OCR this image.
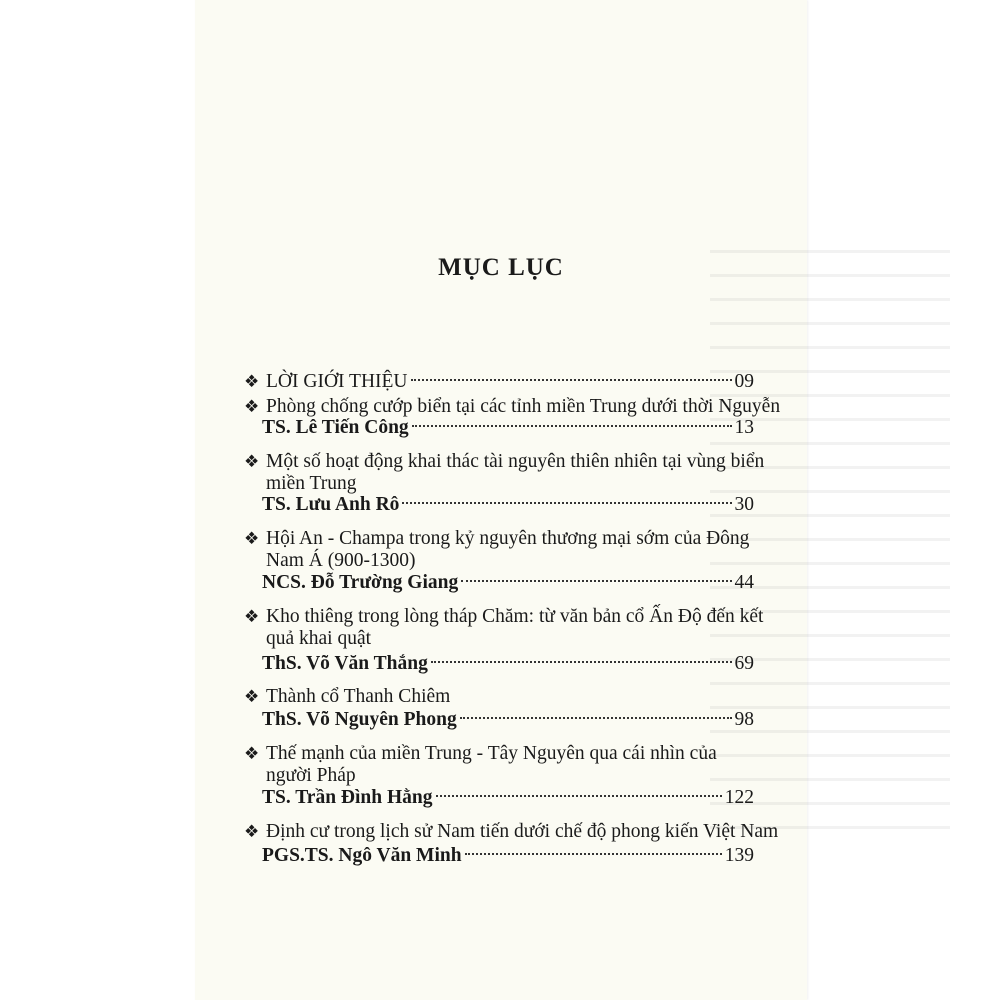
MỤC LỤC
❖ LỜI GIỚI THIỆU	09
❖ Phòng chống cướp biển tại các tỉnh miền Trung dưới thời Nguyễn
TS. Lê Tiến Công	13
❖ Một số hoạt động khai thác tài nguyên thiên nhiên tại vùng biển
miền Trung
TS. Lưu Anh Rô	30
❖ Hội An - Champa trong kỷ nguyên thương mại sớm của Đông
Nam Á (900-1300)
NCS. Đỗ Trường Giang	44
❖ Kho thiêng trong lòng tháp Chăm: từ văn bản cổ Ấn Độ đến kết
quả khai quật
ThS. Võ Văn Thắng	69
❖ Thành cổ Thanh Chiêm
ThS. Võ Nguyên Phong	98
❖ Thế mạnh của miền Trung - Tây Nguyên qua cái nhìn của
người Pháp
TS. Trần Đình Hằng	122
❖ Định cư trong lịch sử Nam tiến dưới chế độ phong kiến Việt Nam
PGS.TS. Ngô Văn Minh	139
